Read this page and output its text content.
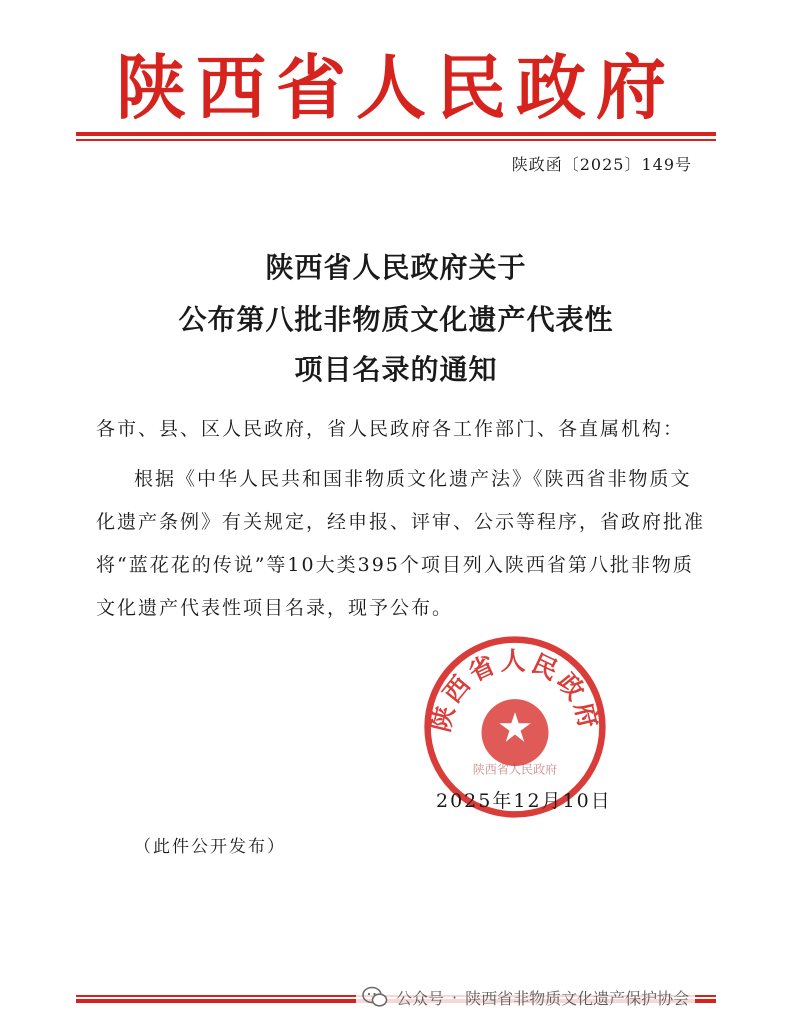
陕西省人民政府
陕政函〔2025〕149号
陕西省人民政府关于
公布第八批非物质文化遗产代表性
项目名录的通知
各市、县、区人民政府，省人民政府各工作部门、各直属机构：
根据《中华人民共和国非物质文化遗产法》《陕西省非物质文化遗产条例》有关规定，经申报、评审、公示等程序，省政府批准将“蓝花花的传说”等10大类395个项目列入陕西省第八批非物质文化遗产代表性项目名录，现予公布。
陕西省人民政府
陕西省人民政府
2025年12月10日
（此件公开发布）
公众号 · 陕西省非物质文化遗产保护协会
